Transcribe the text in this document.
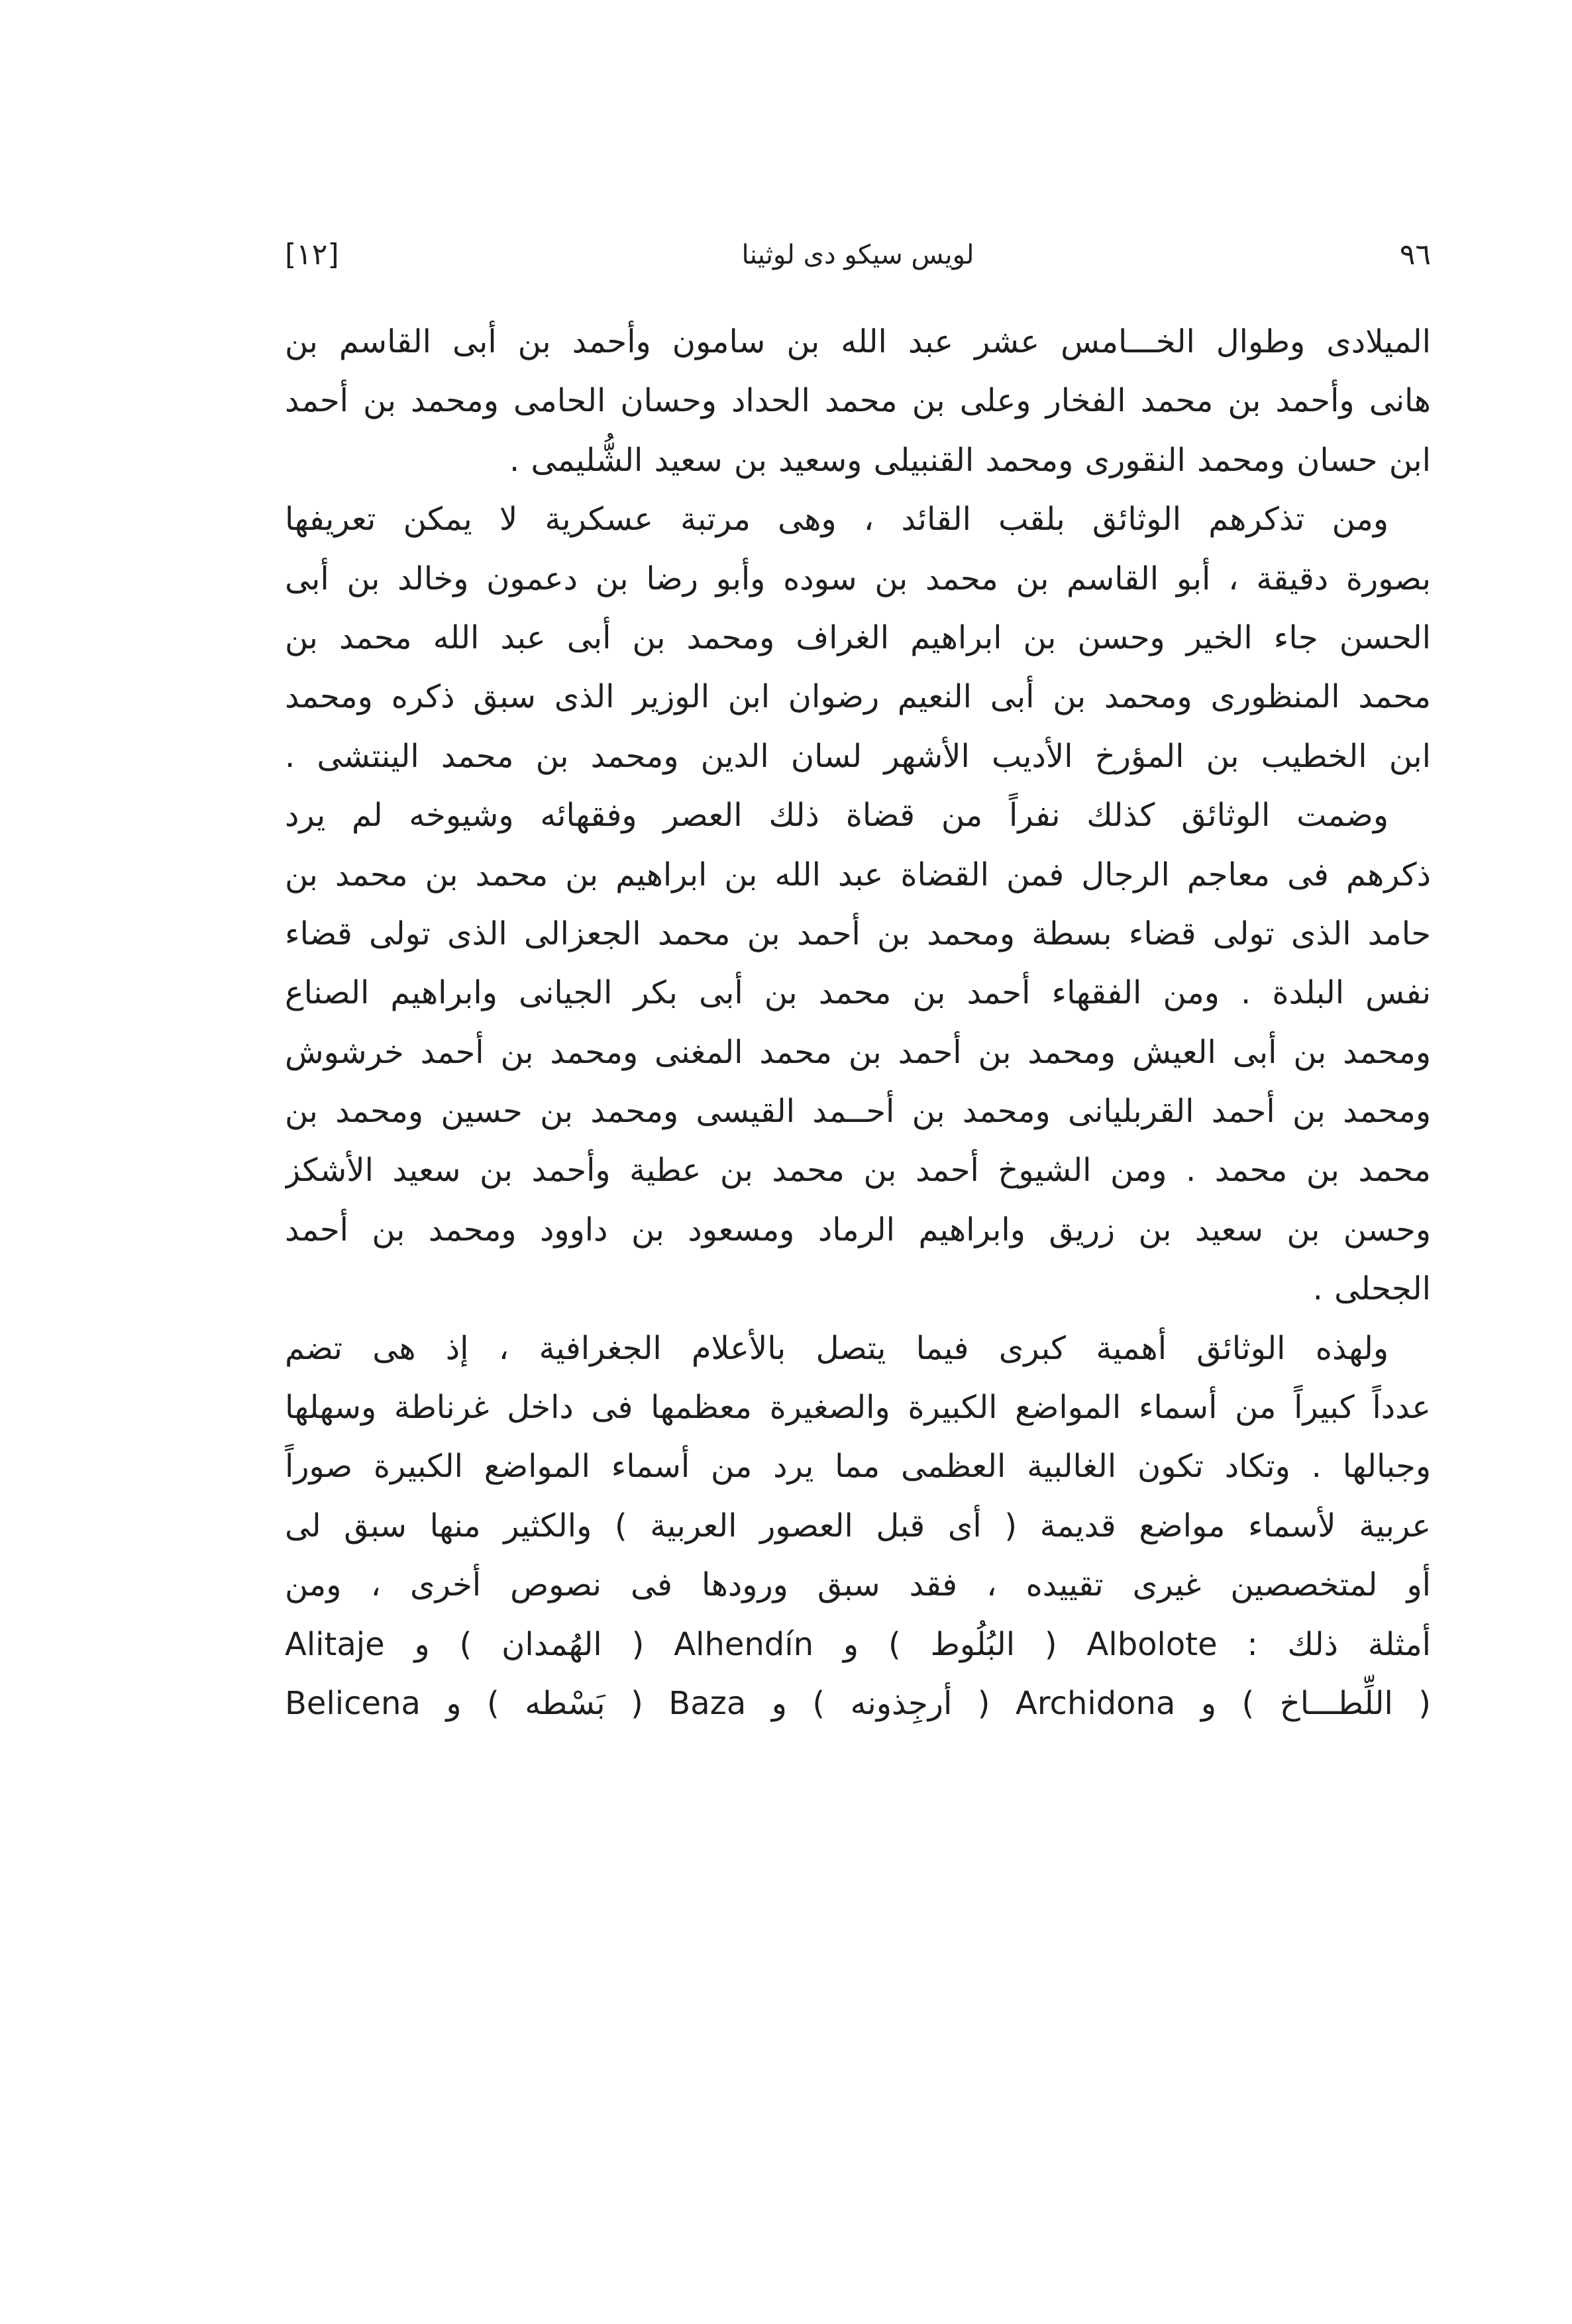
[١٢]	لويس سيكو دى لوثينا	٩٦
الميلادى وطوال الخـــامس عشر عبد الله بن سامون وأحمد بن أبى القاسم بن
هانى وأحمد بن محمد الفخار وعلى بن محمد الحداد وحسان الحامى ومحمد بن أحمد
ابن حسان ومحمد النقورى ومحمد القنبيلى وسعيد بن سعيد الشُّليمى .
ومن تذكرهم الوثائق بلقب القائد ، وهى مرتبة عسكرية لا يمكن تعريفها
بصورة دقيقة ، أبو القاسم بن محمد بن سوده وأبو رضا بن دعمون وخالد بن أبى
الحسن جاء الخير وحسن بن ابراهيم الغراف ومحمد بن أبى عبد الله محمد بن
محمد المنظورى ومحمد بن أبى النعيم رضوان ابن الوزير الذى سبق ذكره ومحمد
ابن الخطيب بن المؤرخ الأديب الأشهر لسان الدين ومحمد بن محمد الينتشى .
وضمت الوثائق كذلك نفراً من قضاة ذلك العصر وفقهائه وشيوخه لم يرد
ذكرهم فى معاجم الرجال فمن القضاة عبد الله بن ابراهيم بن محمد بن محمد بن
حامد الذى تولى قضاء بسطة ومحمد بن أحمد بن محمد الجعزالى الذى تولى قضاء
نفس البلدة . ومن الفقهاء أحمد بن محمد بن أبى بكر الجيانى وابراهيم الصناع
ومحمد بن أبى العيش ومحمد بن أحمد بن محمد المغنى ومحمد بن أحمد خرشوش
ومحمد بن أحمد القربليانى ومحمد بن أحــمد القيسى ومحمد بن حسين ومحمد بن
محمد بن محمد . ومن الشيوخ أحمد بن محمد بن عطية وأحمد بن سعيد الأشكز
وحسن بن سعيد بن زريق وابراهيم الرماد ومسعود بن داوود ومحمد بن أحمد
الجحلى .
ولهذه الوثائق أهمية كبرى فيما يتصل بالأعلام الجغرافية ، إذ هى تضم
عدداً كبيراً من أسماء المواضع الكبيرة والصغيرة معظمها فى داخل غرناطة وسهلها
وجبالها . وتكاد تكون الغالبية العظمى مما يرد من أسماء المواضع الكبيرة صوراً
عربية لأسماء مواضع قديمة ( أى قبل العصور العربية ) والكثير منها سبق لى
أو لمتخصصين غيرى تقييده ، فقد سبق ورودها فى نصوص أخرى ، ومن
أمثلة ذلك : Albolote ( البُلُوط ) و Alhendín ( الهُمدان ) و Alitaje
( اللِّطـــاخ ) و Archidona ( أرجِذونه ) و Baza ( بَسْطه ) و Belicena
